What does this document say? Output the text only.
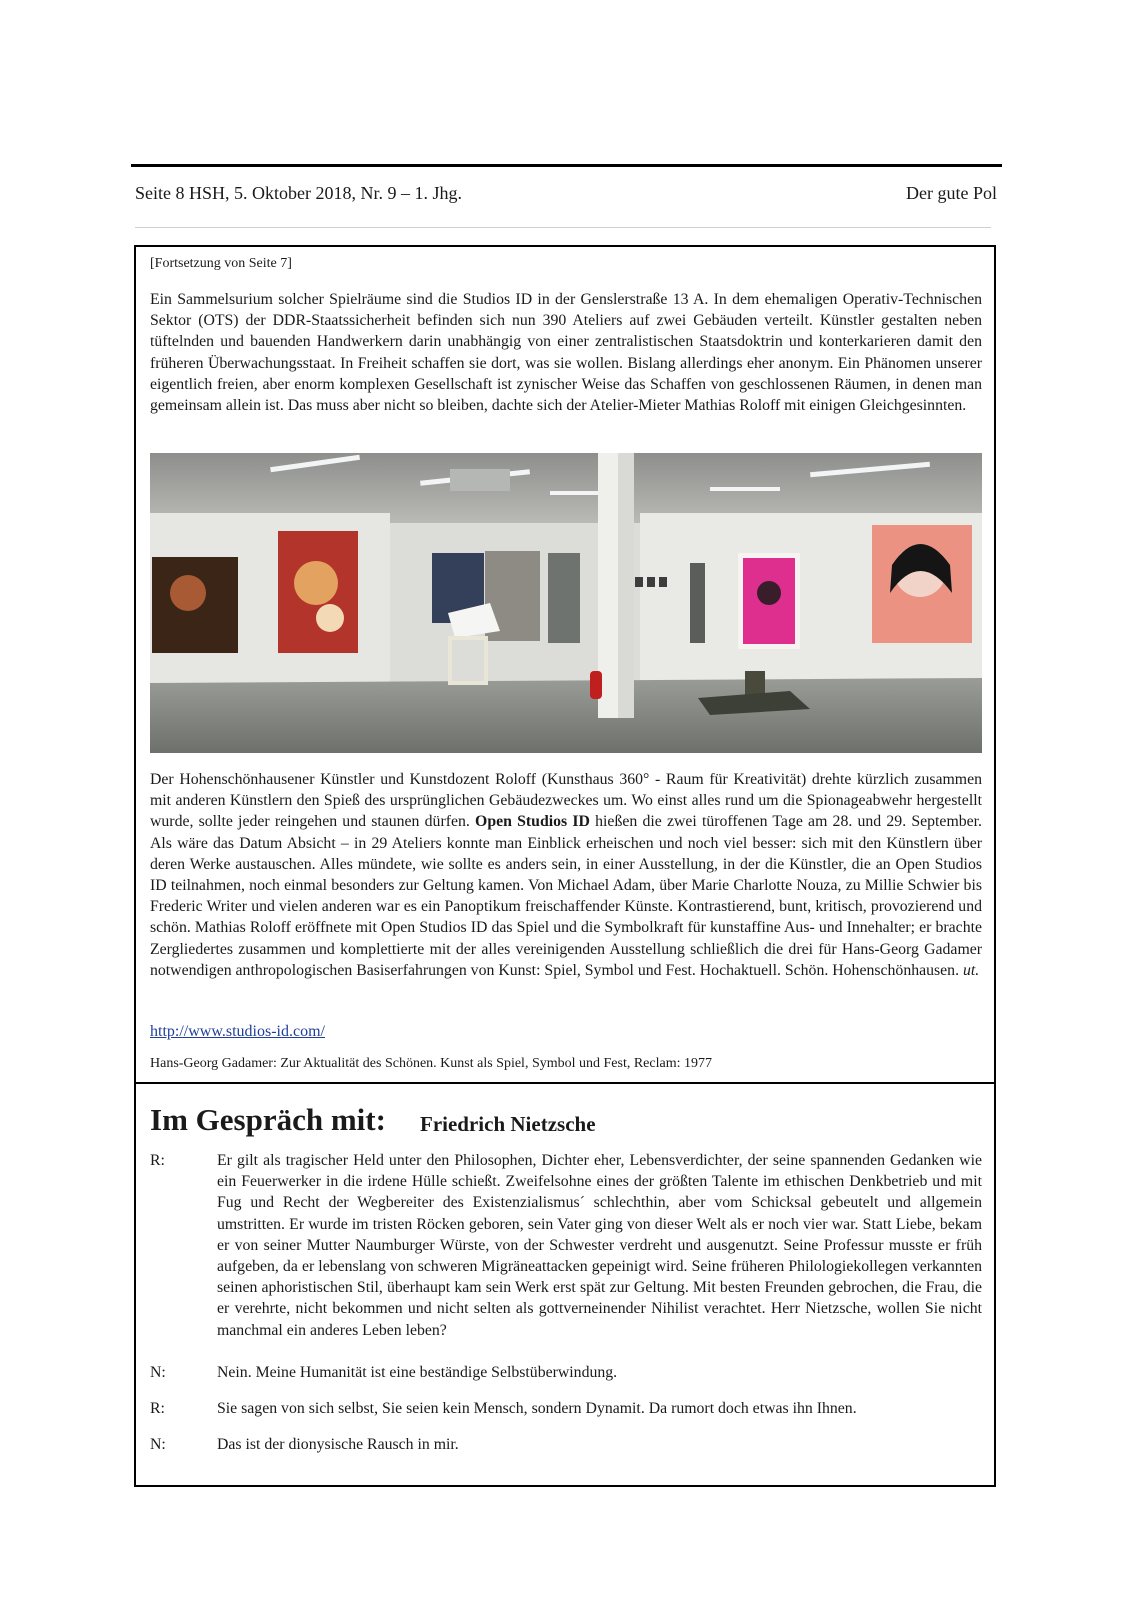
Seite 8 HSH, 5. Oktober 2018, Nr. 9 – 1. Jhg.	Der gute Pol
[Fortsetzung von Seite 7]

Ein Sammelsurium solcher Spielräume sind die Studios ID in der Genslerstraße 13 A. In dem ehemaligen Operativ-Technischen Sektor (OTS) der DDR-Staatssicherheit befinden sich nun 390 Ateliers auf zwei Gebäuden verteilt. Künstler gestalten neben tüftelnden und bauenden Handwerkern darin unabhängig von einer zentralistischen Staatsdoktrin und konterkarieren damit den früheren Überwachungsstaat. In Freiheit schaffen sie dort, was sie wollen. Bislang allerdings eher anonym. Ein Phänomen unserer eigentlich freien, aber enorm komplexen Gesellschaft ist zynischer Weise das Schaffen von geschlossenen Räumen, in denen man gemeinsam allein ist. Das muss aber nicht so bleiben, dachte sich der Atelier-Mieter Mathias Roloff mit einigen Gleichgesinnten.

Der Hohenschönhausener Künstler und Kunstdozent Roloff (Kunsthaus 360° - Raum für Kreativität) drehte kürzlich zusammen mit anderen Künstlern den Spieß des ursprünglichen Gebäudezweckes um. Wo einst alles rund um die Spionageabwehr hergestellt wurde, sollte jeder reingehen und staunen dürfen. Open Studios ID hießen die zwei türoffenen Tage am 28. und 29. September. Als wäre das Datum Absicht – in 29 Ateliers konnte man Einblick erheischen und noch viel besser: sich mit den Künstlern über deren Werke austauschen. Alles mündete, wie sollte es anders sein, in einer Ausstellung, in der die Künstler, die an Open Studios ID teilnahmen, noch einmal besonders zur Geltung kamen. Von Michael Adam, über Marie Charlotte Nouza, zu Millie Schwier bis Frederic Writer und vielen anderen war es ein Panoptikum freischaffender Künste. Kontrastierend, bunt, kritisch, provozierend und schön. Mathias Roloff eröffnete mit Open Studios ID das Spiel und die Symbolkraft für kunstaffine Aus- und Innehalter; er brachte Zergliedertes zusammen und komplettierte mit der alles vereinigenden Ausstellung schließlich die drei für Hans-Georg Gadamer notwendigen anthropologischen Basiserfahrungen von Kunst: Spiel, Symbol und Fest. Hochaktuell. Schön. Hohenschönhausen. ut.

http://www.studios-id.com/
Hans-Georg Gadamer: Zur Aktualität des Schönen. Kunst als Spiel, Symbol und Fest, Reclam: 1977
Im Gespräch mit: Friedrich Nietzsche
R:	Er gilt als tragischer Held unter den Philosophen, Dichter eher, Lebensverdichter, der seine spannenden Gedanken wie ein Feuerwerker in die irdene Hülle schießt. Zweifelsohne eines der größten Talente im ethischen Denkbetrieb und mit Fug und Recht der Wegbereiter des Existenzialismus´ schlechthin, aber vom Schicksal gebeutelt und allgemein umstritten. Er wurde im tristen Röcken geboren, sein Vater ging von dieser Welt als er noch vier war. Statt Liebe, bekam er von seiner Mutter Naumburger Würste, von der Schwester verdreht und ausgenutzt. Seine Professur musste er früh aufgeben, da er lebenslang von schweren Migräneattacken gepeinigt wird. Seine früheren Philologiekollegen verkannten seinen aphoristischen Stil, überhaupt kam sein Werk erst spät zur Geltung. Mit besten Freunden gebrochen, die Frau, die er verehrte, nicht bekommen und nicht selten als gottverneinender Nihilist verachtet. Herr Nietzsche, wollen Sie nicht manchmal ein anderes Leben leben?
N:	Nein. Meine Humanität ist eine beständige Selbstüberwindung.
R:	Sie sagen von sich selbst, Sie seien kein Mensch, sondern Dynamit. Da rumort doch etwas ihn Ihnen.
N:	Das ist der dionysische Rausch in mir.
